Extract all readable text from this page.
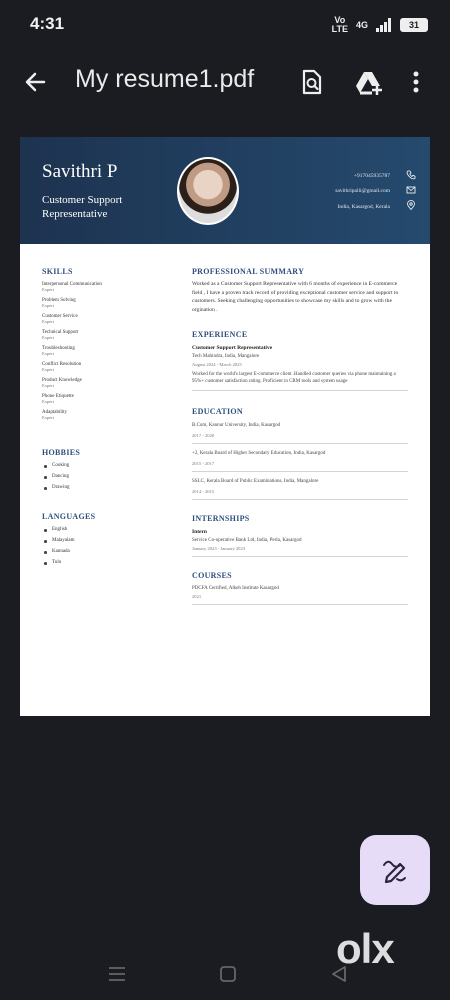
4:31	Vo
LTE 4G	31
My resume1.pdf
Savithri P
Customer Support Representative
+917045935787
savithripalli@gmail.com
India, Kasargod, Kerala
SKILLS
Interpersonal Communication
Expert
Problem Solving
Expert
Customer Service
Expert
Technical Support
Expert
Troubleshooting
Expert
Conflict Resolution
Expert
Product Knowledge
Expert
Phone Etiquette
Expert
Adaptability
Expert
HOBBIES
Cooking
Dancing
Drawing
LANGUAGES
English
Malayalam
Kannada
Tulu
PROFESSIONAL SUMMARY
Worked as a Customer Support Representative with 6 months of experience in E-commerce field , I have a proven track record of providing exceptional customer service and support to customers. Seeking challenging opportunities to showcase my skills and to grow with the orgination .
EXPERIENCE
Customer Support Representative
Tech Mahindra, India, Mangalore
August 2024 - March 2025
Worked for the world's largest E-commerce client .Handled customer queries via phone maintaining a 95%+ customer satisfaction rating. Proficient in CRM tools and system usage
EDUCATION
B.Com, Kannur University, India, Kasargod
2017 - 2020
+2, Kerala Board of Higher Secondary Education, India, Kasargod
2015 - 2017
SSLC, Kerala Board of Public Examinations, India, Mangalore
2014 - 2015
INTERNSHIPS
Intern
Service Co-operative Bank Ltd, India, Perla, Kasargod
January 2023 - January 2023
COURSES
PDCFA Certified, Alkeh Institute Kasargod
2021
olx
